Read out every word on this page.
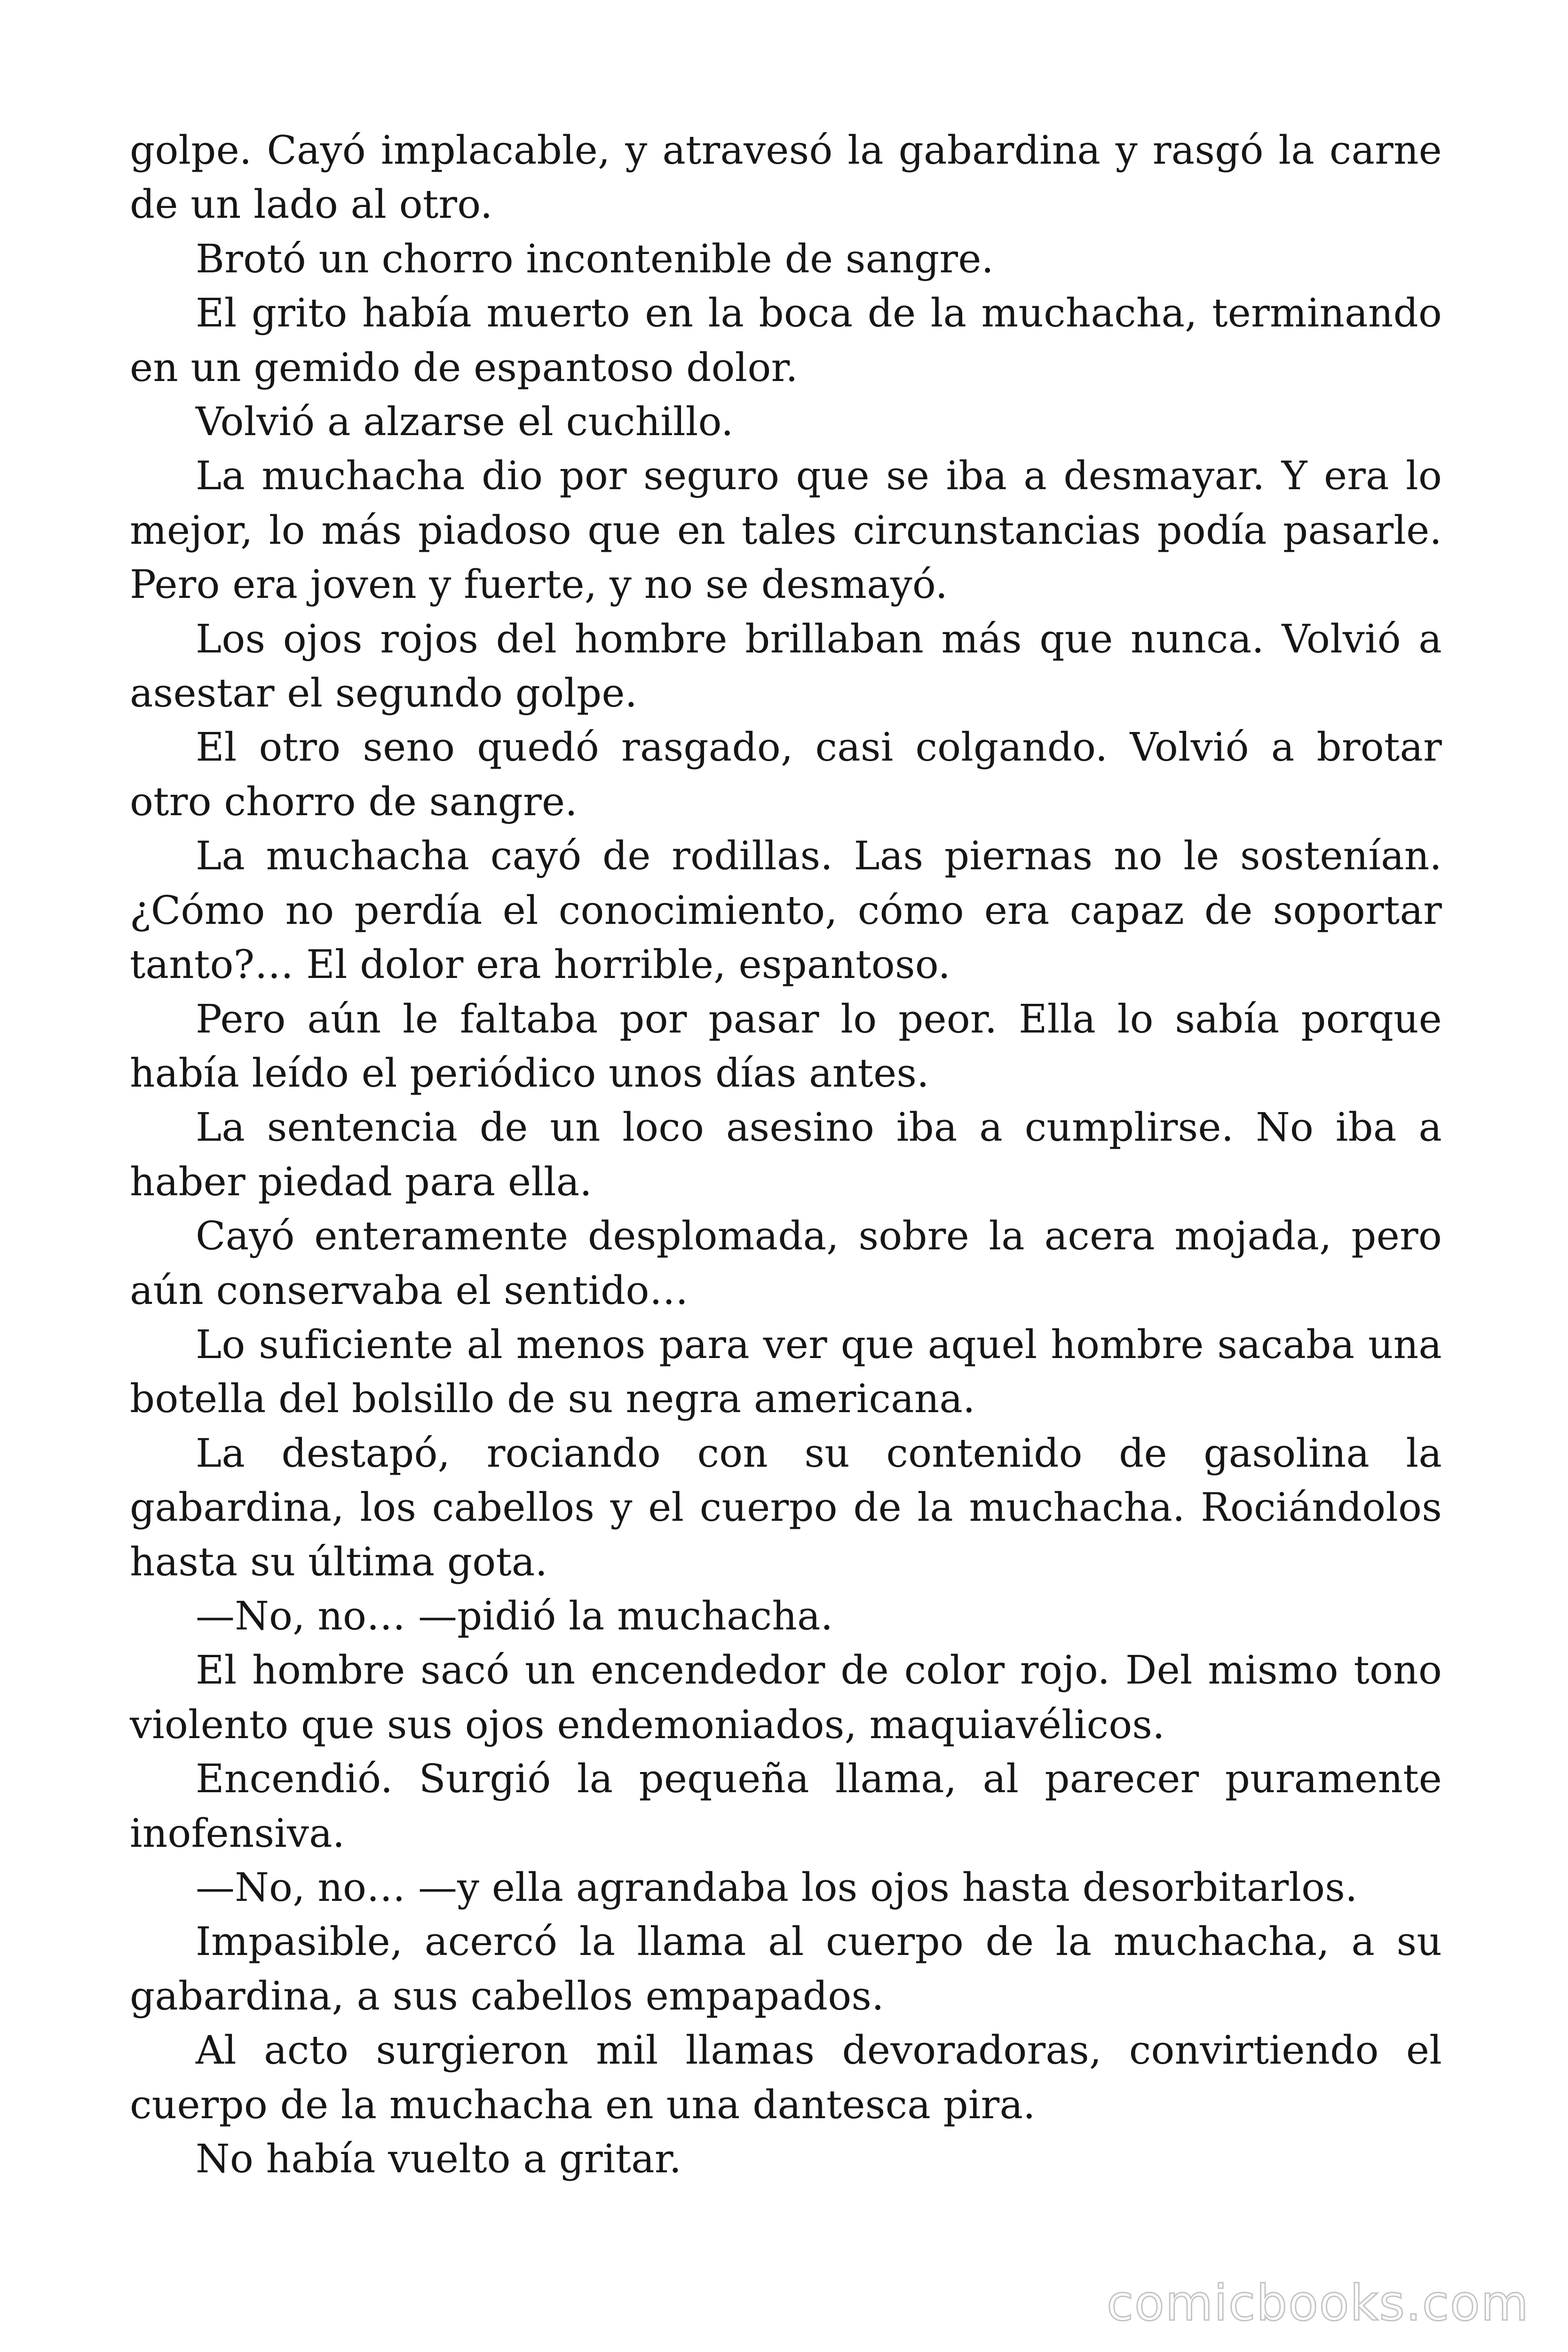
golpe. Cayó implacable, y atravesó la gabardina y rasgó la carne de un lado al otro.

Brotó un chorro incontenible de sangre.

El grito había muerto en la boca de la muchacha, terminando en un gemido de espantoso dolor.

Volvió a alzarse el cuchillo.

La muchacha dio por seguro que se iba a desmayar. Y era lo mejor, lo más piadoso que en tales circunstancias podía pasarle. Pero era joven y fuerte, y no se desmayó.

Los ojos rojos del hombre brillaban más que nunca. Volvió a asestar el segundo golpe.

El otro seno quedó rasgado, casi colgando. Volvió a brotar otro chorro de sangre.

La muchacha cayó de rodillas. Las piernas no le sostenían. ¿Cómo no perdía el conocimiento, cómo era capaz de soportar tanto?… El dolor era horrible, espantoso.

Pero aún le faltaba por pasar lo peor. Ella lo sabía porque había leído el periódico unos días antes.

La sentencia de un loco asesino iba a cumplirse. No iba a haber piedad para ella.

Cayó enteramente desplomada, sobre la acera mojada, pero aún conservaba el sentido…

Lo suficiente al menos para ver que aquel hombre sacaba una botella del bolsillo de su negra americana.

La destapó, rociando con su contenido de gasolina la gabardina, los cabellos y el cuerpo de la muchacha. Rociándolos hasta su última gota.

—No, no… —pidió la muchacha.

El hombre sacó un encendedor de color rojo. Del mismo tono violento que sus ojos endemoniados, maquiavélicos.

Encendió. Surgió la pequeña llama, al parecer puramente inofensiva.

—No, no… —y ella agrandaba los ojos hasta desorbitarlos.

Impasible, acercó la llama al cuerpo de la muchacha, a su gabardina, a sus cabellos empapados.

Al acto surgieron mil llamas devoradoras, convirtiendo el cuerpo de la muchacha en una dantesca pira.

No había vuelto a gritar.

comicbooks.com
